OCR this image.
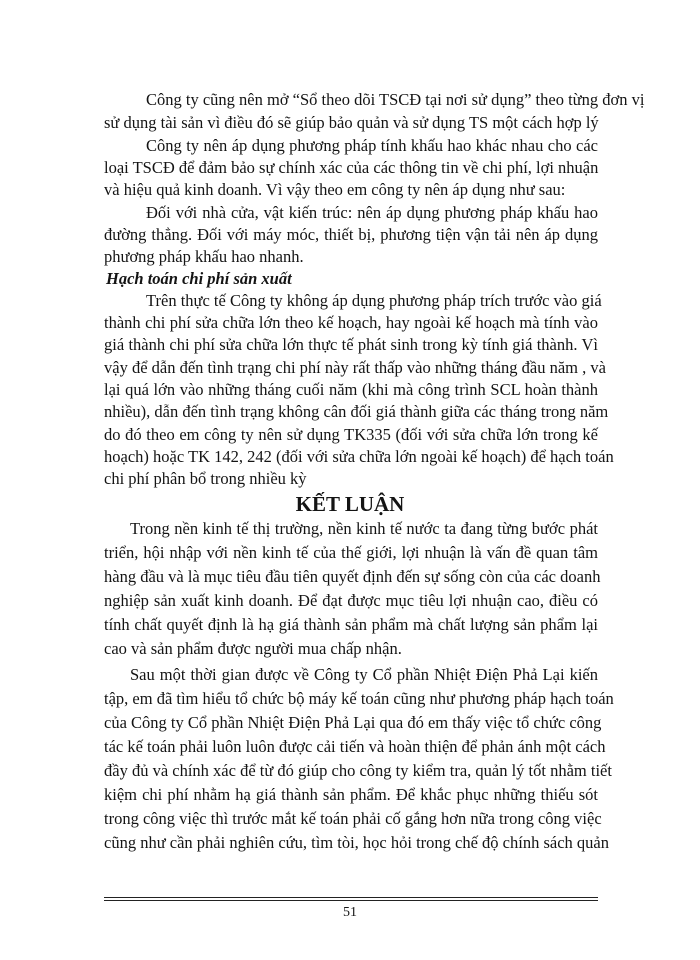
Công ty cũng nên mở “Sổ theo dõi TSCĐ tại nơi sử dụng” theo từng đơn vị
sử dụng tài sản vì điều đó sẽ giúp bảo quản và sử dụng TS một cách hợp lý
Công ty nên áp dụng phương pháp tính khấu hao khác nhau cho các
loại TSCĐ để đảm bảo sự chính xác của các thông tin về chi phí, lợi nhuận
và hiệu quả kinh doanh. Vì vậy theo em công ty nên áp dụng như sau:
Đối với nhà cửa, vật kiến trúc: nên áp dụng phương pháp khấu hao
đường thẳng. Đối với máy móc, thiết bị, phương tiện vận tải nên áp dụng
phương pháp khấu hao nhanh.
Hạch toán chi phí sản xuất
Trên thực tế Công ty không áp dụng phương pháp trích trước vào giá
thành chi phí sửa chữa lớn theo kế hoạch, hay ngoài kế hoạch mà tính vào
giá thành chi phí sửa chữa lớn thực tế phát sinh trong kỳ tính giá thành. Vì
vậy để dẫn đến tình trạng chi phí này rất thấp vào những tháng đầu năm , và
lại quá lớn vào những tháng cuối năm (khi mà công trình SCL hoàn thành
nhiều), dẫn đến tình trạng không cân đối giá thành giữa các tháng trong năm
do đó theo em công ty nên sử dụng TK335 (đối với sửa chữa lớn trong kế
hoạch) hoặc TK 142, 242 (đối với sửa chữa lớn ngoài kế hoạch) để hạch toán
chi phí phân bổ trong nhiều kỳ
KẾT LUẬN
Trong nền kinh tế thị trường, nền kinh tế nước ta đang từng bước phát
triển, hội nhập với nền kinh tế của thế giới, lợi nhuận là vấn đề quan tâm
hàng đầu và là mục tiêu đầu tiên quyết định đến sự sống còn của các doanh
nghiệp sản xuất kinh doanh. Để đạt được mục tiêu lợi nhuận cao, điều có
tính chất quyết định là hạ giá thành sản phẩm mà chất lượng sản phẩm lại
cao và sản phẩm được người mua chấp nhận.
Sau một thời gian được về Công ty Cổ phần Nhiệt Điện Phả Lại kiến
tập, em đã tìm hiểu tổ chức bộ máy kế toán cũng như phương pháp hạch toán
của Công ty Cổ phần Nhiệt Điện Phả Lại qua đó em thấy việc tổ chức công
tác kế toán phải luôn luôn được cải tiến và hoàn thiện để phản ánh một cách
đầy đủ và chính xác để từ đó giúp cho công ty kiểm tra, quản lý tốt nhằm tiết
kiệm chi phí nhằm hạ giá thành sản phẩm. Để khắc phục những thiếu sót
trong công việc thì trước mắt kế toán phải cố gắng hơn nữa trong công việc
cũng như cần phải nghiên cứu, tìm tòi, học hỏi trong chế độ chính sách quản
51
